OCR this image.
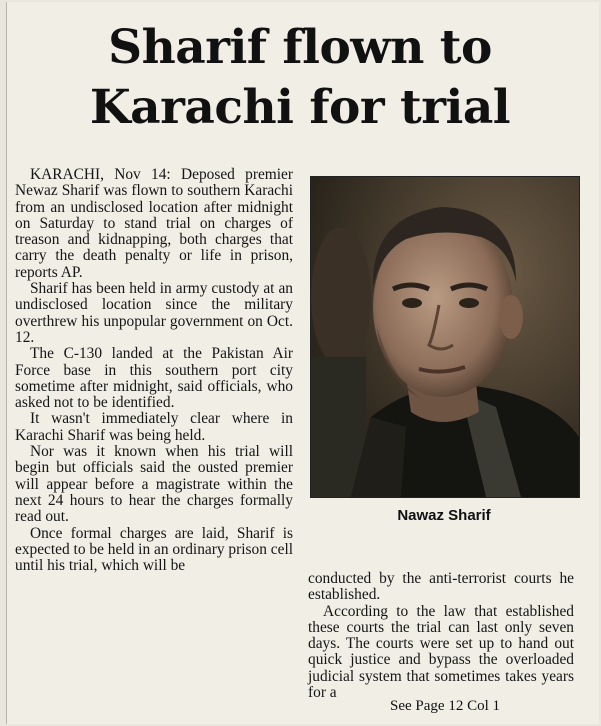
Sharif flown to
Karachi for trial

KARACHI, Nov 14: Deposed premier Newaz Sharif was flown to southern Karachi from an undisclosed location after midnight on Saturday to stand trial on charges of treason and kidnapping, both charges that carry the death penalty or life in prison, reports AP.

Sharif has been held in army custody at an undisclosed location since the military overthrew his unpopular government on Oct. 12.

The C-130 landed at the Pakistan Air Force base in this southern port city sometime after midnight, said officials, who asked not to be identified.

It wasn't immediately clear where in Karachi Sharif was being held.

Nor was it known when his trial will begin but officials said the ousted premier will appear before a magistrate within the next 24 hours to hear the charges formally read out.

Once formal charges are laid, Sharif is expected to be held in an ordinary prison cell until his trial, which will be

Nawaz Sharif

conducted by the anti-terrorist courts he established.

According to the law that established these courts the trial can last only seven days. The courts were set up to hand out quick justice and bypass the overloaded judicial system that sometimes takes years for a

See Page 12 Col 1
